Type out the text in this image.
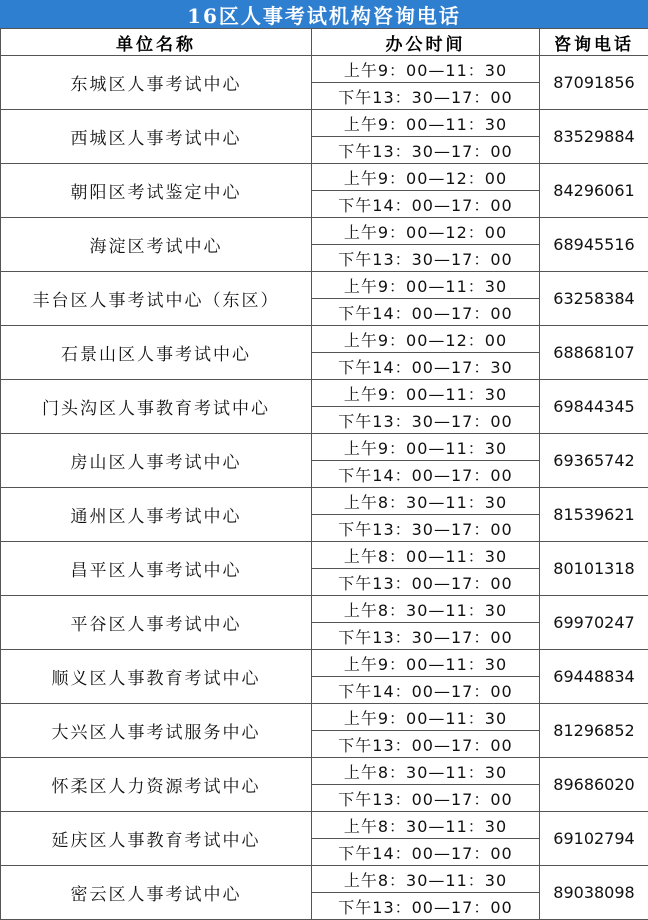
16区人事考试机构咨询电话
单位名称	办公时间	咨询电话
东城区人事考试中心	上午9：00—11：30	87091856
	下午13：30—17：00	
西城区人事考试中心	上午9：00—11：30	83529884
	下午13：30—17：00	
朝阳区考试鉴定中心	上午9：00—12：00	84296061
	下午14：00—17：00	
海淀区考试中心	上午9：00—12：00	68945516
	下午13：30—17：00	
丰台区人事考试中心（东区）	上午9：00—11：30	63258384
	下午14：00—17：00	
石景山区人事考试中心	上午9：00—12：00	68868107
	下午14：00—17：30	
门头沟区人事教育考试中心	上午9：00—11：30	69844345
	下午13：30—17：00	
房山区人事考试中心	上午9：00—11：30	69365742
	下午14：00—17：00	
通州区人事考试中心	上午8：30—11：30	81539621
	下午13：30—17：00	
昌平区人事考试中心	上午8：00—11：30	80101318
	下午13：00—17：00	
平谷区人事考试中心	上午8：30—11：30	69970247
	下午13：30—17：00	
顺义区人事教育考试中心	上午9：00—11：30	69448834
	下午14：00—17：00	
大兴区人事考试服务中心	上午9：00—11：30	81296852
	下午13：00—17：00	
怀柔区人力资源考试中心	上午8：30—11：30	89686020
	下午13：00—17：00	
延庆区人事教育考试中心	上午8：30—11：30	69102794
	下午14：00—17：00	
密云区人事考试中心	上午8：30—11：30	89038098
	下午13：00—17：00	
